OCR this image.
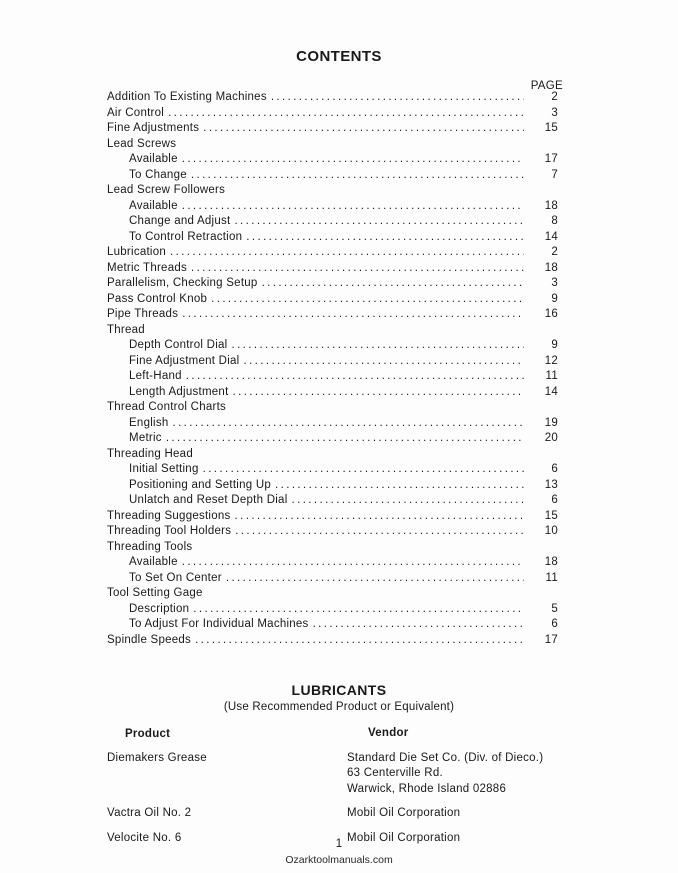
CONTENTS
PAGE
Addition To Existing Machines .....	2
Air Control .....	3
Fine Adjustments .....	15
Lead Screws
Available .....	17
To Change .....	7
Lead Screw Followers
Available .....	18
Change and Adjust .....	8
To Control Retraction .....	14
Lubrication .....	2
Metric Threads .....	18
Parallelism, Checking Setup .....	3
Pass Control Knob .....	9
Pipe Threads .....	16
Thread
Depth Control Dial .....	9
Fine Adjustment Dial .....	12
Left-Hand .....	11
Length Adjustment .....	14
Thread Control Charts
English .....	19
Metric .....	20
Threading Head
Initial Setting .....	6
Positioning and Setting Up .....	13
Unlatch and Reset Depth Dial .....	6
Threading Suggestions .....	15
Threading Tool Holders .....	10
Threading Tools
Available .....	18
To Set On Center .....	11
Tool Setting Gage
Description .....	5
To Adjust For Individual Machines .....	6
Spindle Speeds .....	17
LUBRICANTS
(Use Recommended Product or Equivalent)
Product	Vendor
Diemakers Grease	Standard Die Set Co. (Div. of Dieco.)
63 Centerville Rd.
Warwick, Rhode Island 02886
Vactra Oil No. 2	Mobil Oil Corporation
Velocite No. 6	Mobil Oil Corporation
1
Ozarktoolmanuals.com
